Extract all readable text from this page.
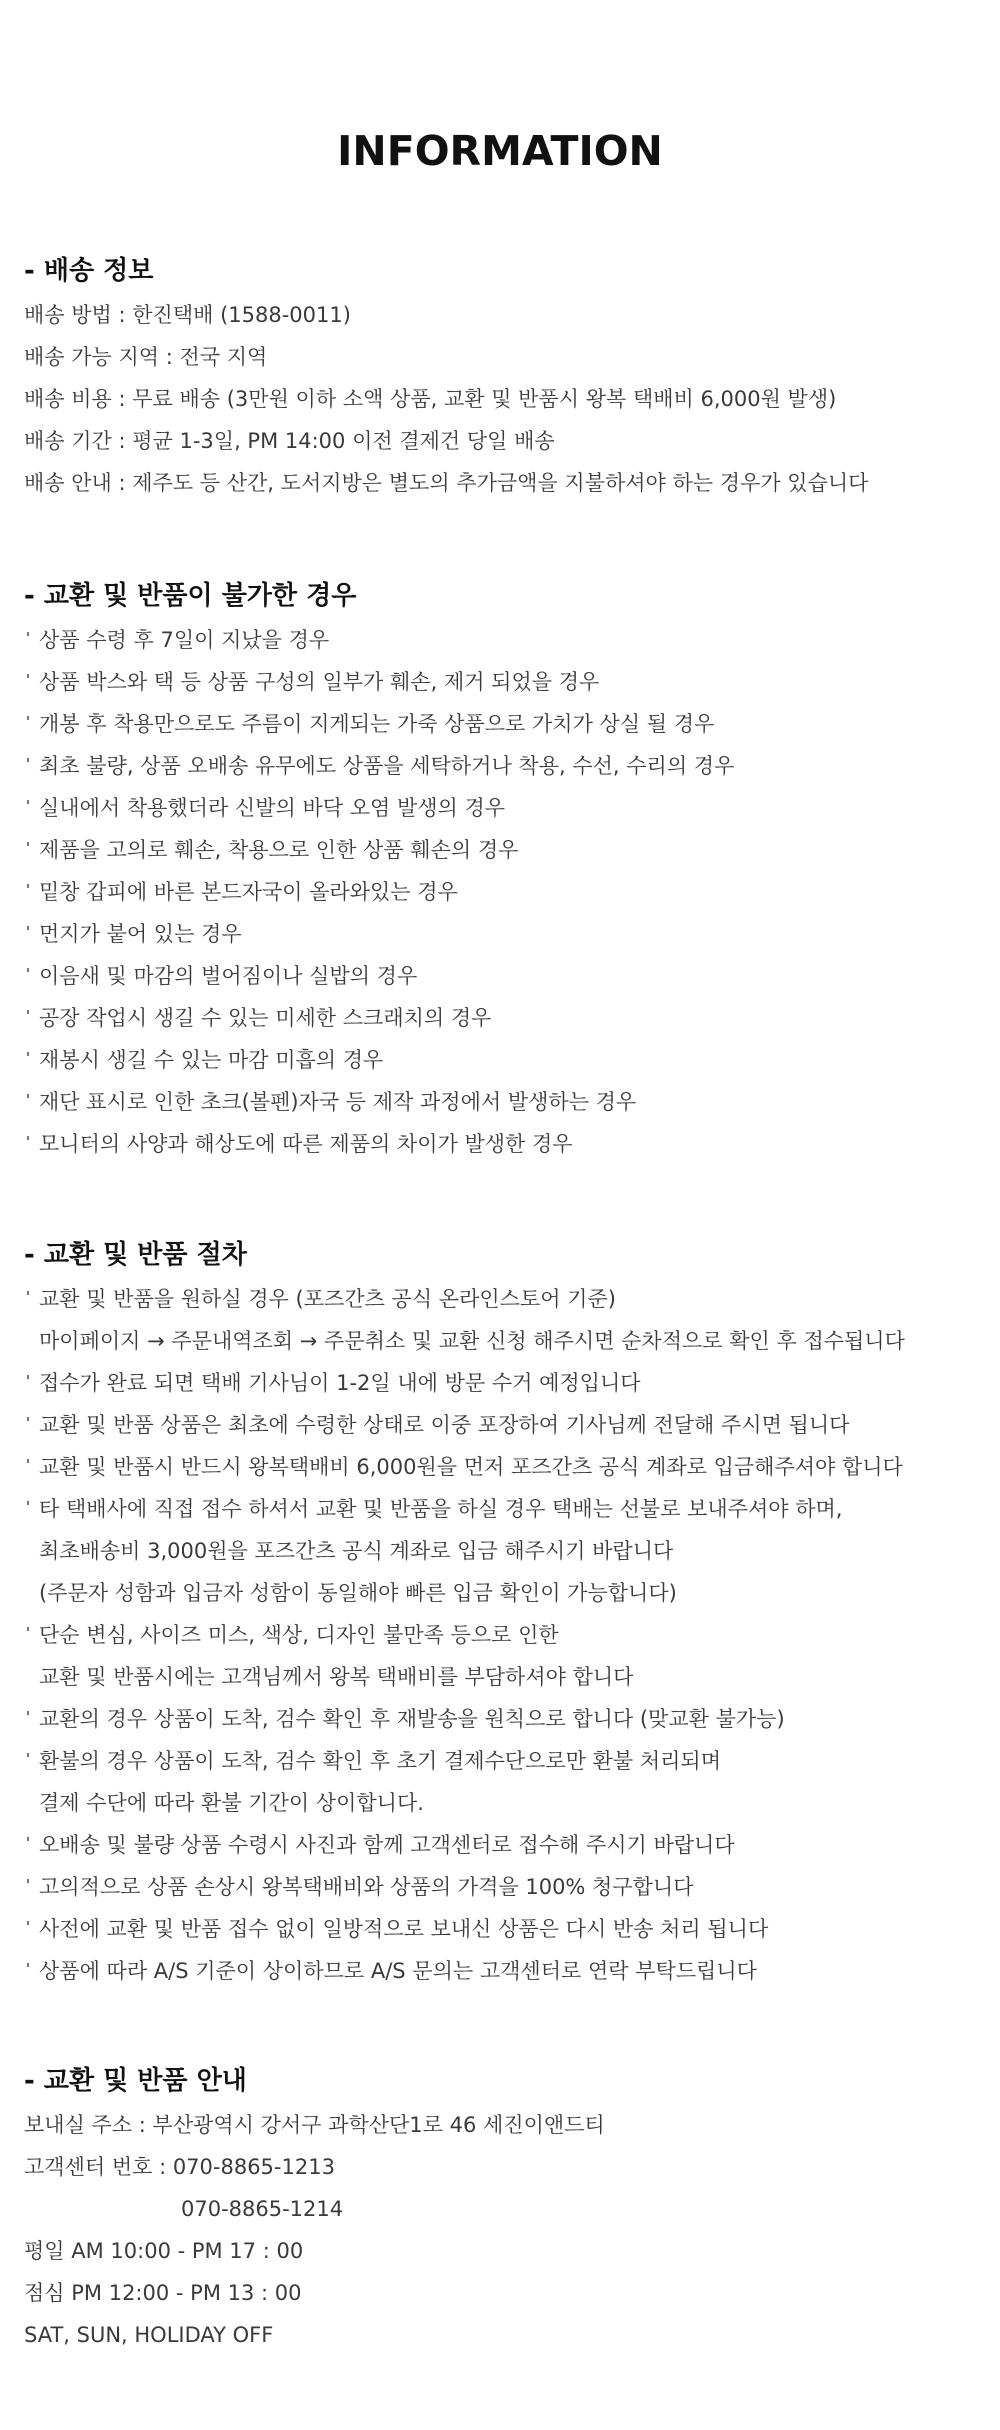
INFORMATION
- 배송 정보
배송 방법 : 한진택배 (1588-0011)
배송 가능 지역 : 전국 지역
배송 비용 : 무료 배송 (3만원 이하 소액 상품, 교환 및 반품시 왕복 택배비 6,000원 발생)
배송 기간 : 평균 1-3일, PM 14:00 이전 결제건 당일 배송
배송 안내 : 제주도 등 산간, 도서지방은 별도의 추가금액을 지불하셔야 하는 경우가 있습니다
- 교환 및 반품이 불가한 경우
상품 수령 후 7일이 지났을 경우
상품 박스와 택 등 상품 구성의 일부가 훼손, 제거 되었을 경우
개봉 후 착용만으로도 주름이 지게되는 가죽 상품으로 가치가 상실 될 경우
최초 불량, 상품 오배송 유무에도 상품을 세탁하거나 착용, 수선, 수리의 경우
실내에서 착용했더라 신발의 바닥 오염 발생의 경우
제품을 고의로 훼손, 착용으로 인한 상품 훼손의 경우
밑창 갑피에 바른 본드자국이 올라와있는 경우
먼지가 붙어 있는 경우
이음새 및 마감의 벌어짐이나 실밥의 경우
공장 작업시 생길 수 있는 미세한 스크래치의 경우
재봉시 생길 수 있는 마감 미흡의 경우
재단 표시로 인한 초크(볼펜)자국 등 제작 과정에서 발생하는 경우
모니터의 사양과 해상도에 따른 제품의 차이가 발생한 경우
- 교환 및 반품 절차
교환 및 반품을 원하실 경우 (포즈간츠 공식 온라인스토어 기준)
마이페이지 → 주문내역조회 → 주문취소 및 교환 신청 해주시면 순차적으로 확인 후 접수됩니다
접수가 완료 되면 택배 기사님이 1-2일 내에 방문 수거 예정입니다
교환 및 반품 상품은 최초에 수령한 상태로 이중 포장하여 기사님께 전달해 주시면 됩니다
교환 및 반품시 반드시 왕복택배비 6,000원을 먼저 포즈간츠 공식 계좌로 입금해주셔야 합니다
타 택배사에 직접 접수 하셔서 교환 및 반품을 하실 경우 택배는 선불로 보내주셔야 하며,
최초배송비 3,000원을 포즈간츠 공식 계좌로 입금 해주시기 바랍니다
(주문자 성함과 입금자 성함이 동일해야 빠른 입금 확인이 가능합니다)
단순 변심, 사이즈 미스, 색상, 디자인 불만족 등으로 인한
교환 및 반품시에는 고객님께서 왕복 택배비를 부담하셔야 합니다
교환의 경우 상품이 도착, 검수 확인 후 재발송을 원칙으로 합니다 (맞교환 불가능)
환불의 경우 상품이 도착, 검수 확인 후 초기 결제수단으로만 환불 처리되며
결제 수단에 따라 환불 기간이 상이합니다.
오배송 및 불량 상품 수령시 사진과 함께 고객센터로 접수해 주시기 바랍니다
고의적으로 상품 손상시 왕복택배비와 상품의 가격을 100% 청구합니다
사전에 교환 및 반품 접수 없이 일방적으로 보내신 상품은 다시 반송 처리 됩니다
상품에 따라 A/S 기준이 상이하므로 A/S 문의는 고객센터로 연락 부탁드립니다
- 교환 및 반품 안내
보내실 주소 : 부산광역시 강서구 과학산단1로 46 세진이앤드티
고객센터 번호 : 070-8865-1213
070-8865-1214
평일 AM 10:00 - PM 17 : 00
점심 PM 12:00 - PM 13 : 00
SAT, SUN, HOLIDAY OFF
